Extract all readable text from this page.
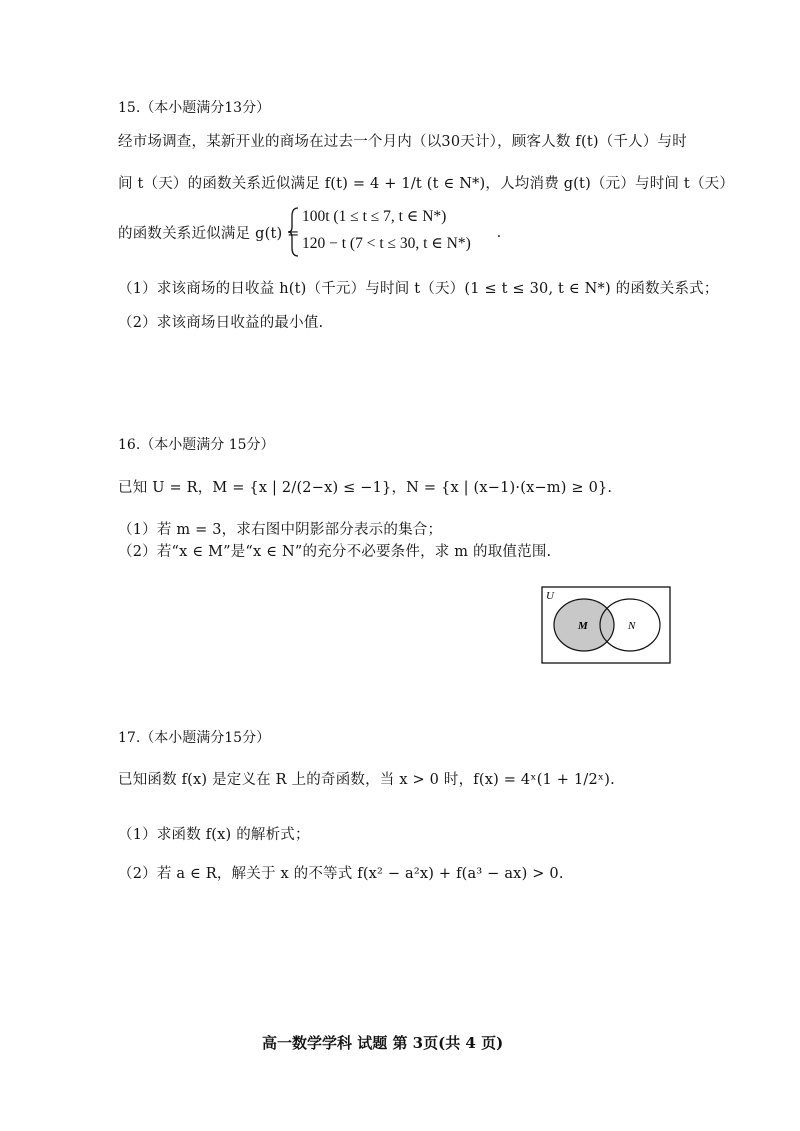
15.（本小题满分13分）
经市场调查，某新开业的商场在过去一个月内（以30天计），顾客人数 f(t)（千人）与时
间 t（天）的函数关系近似满足 f(t) = 4 + 1/t (t ∈ N*)，人均消费 g(t)（元）与时间 t（天）
的函数关系近似满足 g(t) =
100t (1 ≤ t ≤ 7, t ∈ N*)
120 − t (7 < t ≤ 30, t ∈ N*)
.
（1）求该商场的日收益 h(t)（千元）与时间 t（天）(1 ≤ t ≤ 30, t ∈ N*) 的函数关系式；
（2）求该商场日收益的最小值.
16.（本小题满分 15分）
已知 U = R，M = {x | 2/(2−x) ≤ −1}，N = {x | (x−1)·(x−m) ≥ 0}.
（1）若 m = 3，求右图中阴影部分表示的集合；
（2）若“x ∈ M”是“x ∈ N”的充分不必要条件，求 m 的取值范围.
U
M	N
17.（本小题满分15分）
已知函数 f(x) 是定义在 R 上的奇函数，当 x > 0 时，f(x) = 4ˣ(1 + 1/2ˣ).
（1）求函数 f(x) 的解析式；
（2）若 a ∈ R，解关于 x 的不等式 f(x² − a²x) + f(a³ − ax) > 0.
高一数学学科 试题 第 3页(共 4 页)
